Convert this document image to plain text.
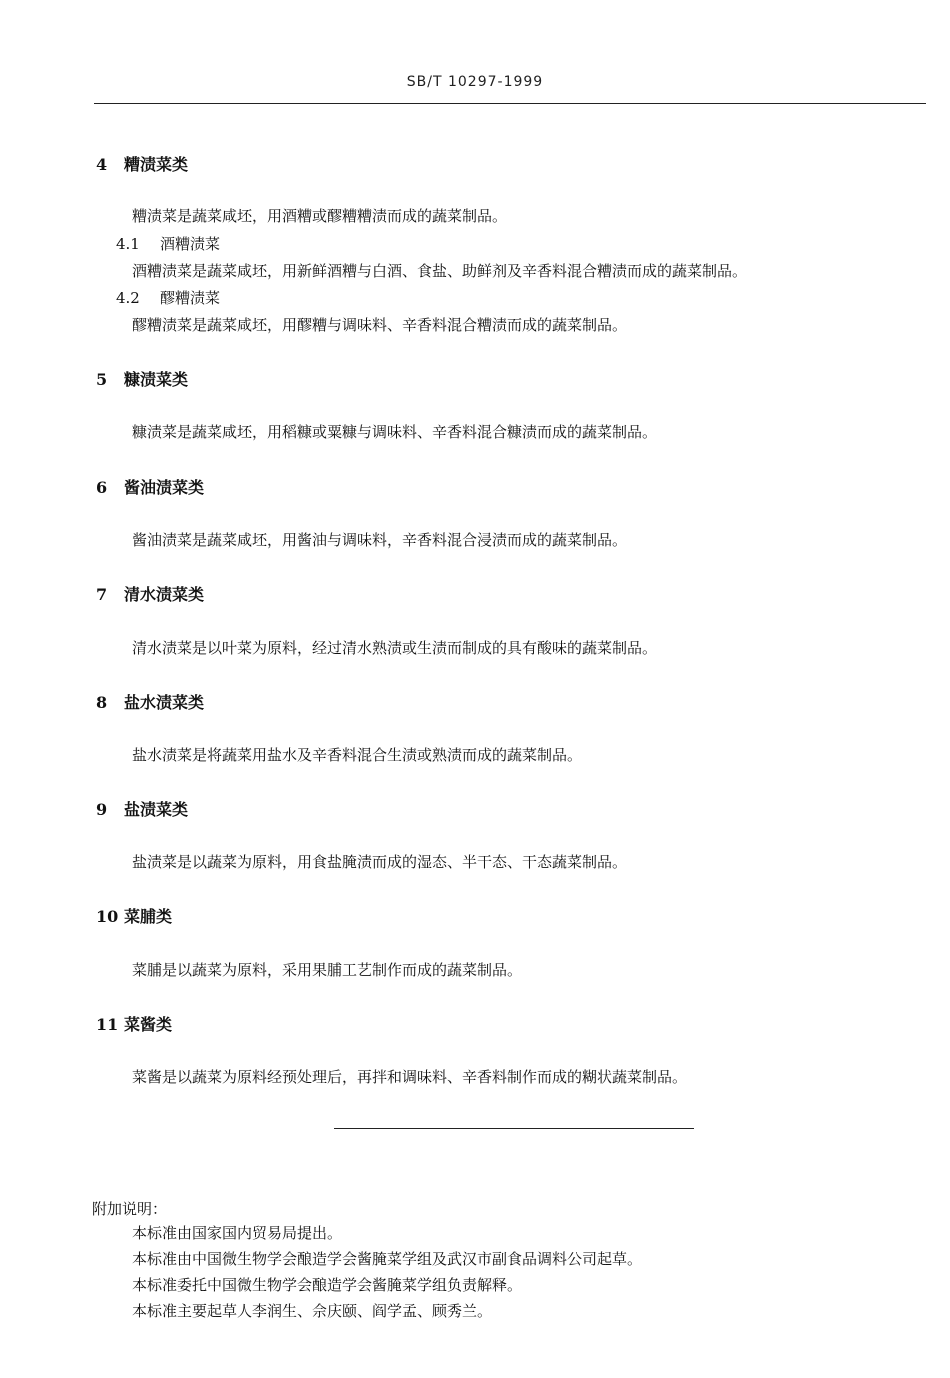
SB/T 10297-1999
4 糟渍菜类
糟渍菜是蔬菜咸坯，用酒糟或醪糟糟渍而成的蔬菜制品。
4.1 酒糟渍菜
酒糟渍菜是蔬菜咸坯，用新鲜酒糟与白酒、食盐、助鲜剂及辛香料混合糟渍而成的蔬菜制品。
4.2 醪糟渍菜
醪糟渍菜是蔬菜咸坯，用醪糟与调味料、辛香料混合糟渍而成的蔬菜制品。
5 糠渍菜类
糠渍菜是蔬菜咸坯，用稻糠或粟糠与调味料、辛香料混合糠渍而成的蔬菜制品。
6 酱油渍菜类
酱油渍菜是蔬菜咸坯，用酱油与调味料，辛香料混合浸渍而成的蔬菜制品。
7 清水渍菜类
清水渍菜是以叶菜为原料，经过清水熟渍或生渍而制成的具有酸味的蔬菜制品。
8 盐水渍菜类
盐水渍菜是将蔬菜用盐水及辛香料混合生渍或熟渍而成的蔬菜制品。
9 盐渍菜类
盐渍菜是以蔬菜为原料，用食盐腌渍而成的湿态、半干态、干态蔬菜制品。
10 菜脯类
菜脯是以蔬菜为原料，采用果脯工艺制作而成的蔬菜制品。
11 菜酱类
菜酱是以蔬菜为原料经预处理后，再拌和调味料、辛香料制作而成的糊状蔬菜制品。
附加说明：
本标准由国家国内贸易局提出。
本标准由中国微生物学会酿造学会酱腌菜学组及武汉市副食品调料公司起草。
本标准委托中国微生物学会酿造学会酱腌菜学组负责解释。
本标准主要起草人李润生、佘庆颐、阎学孟、顾秀兰。
